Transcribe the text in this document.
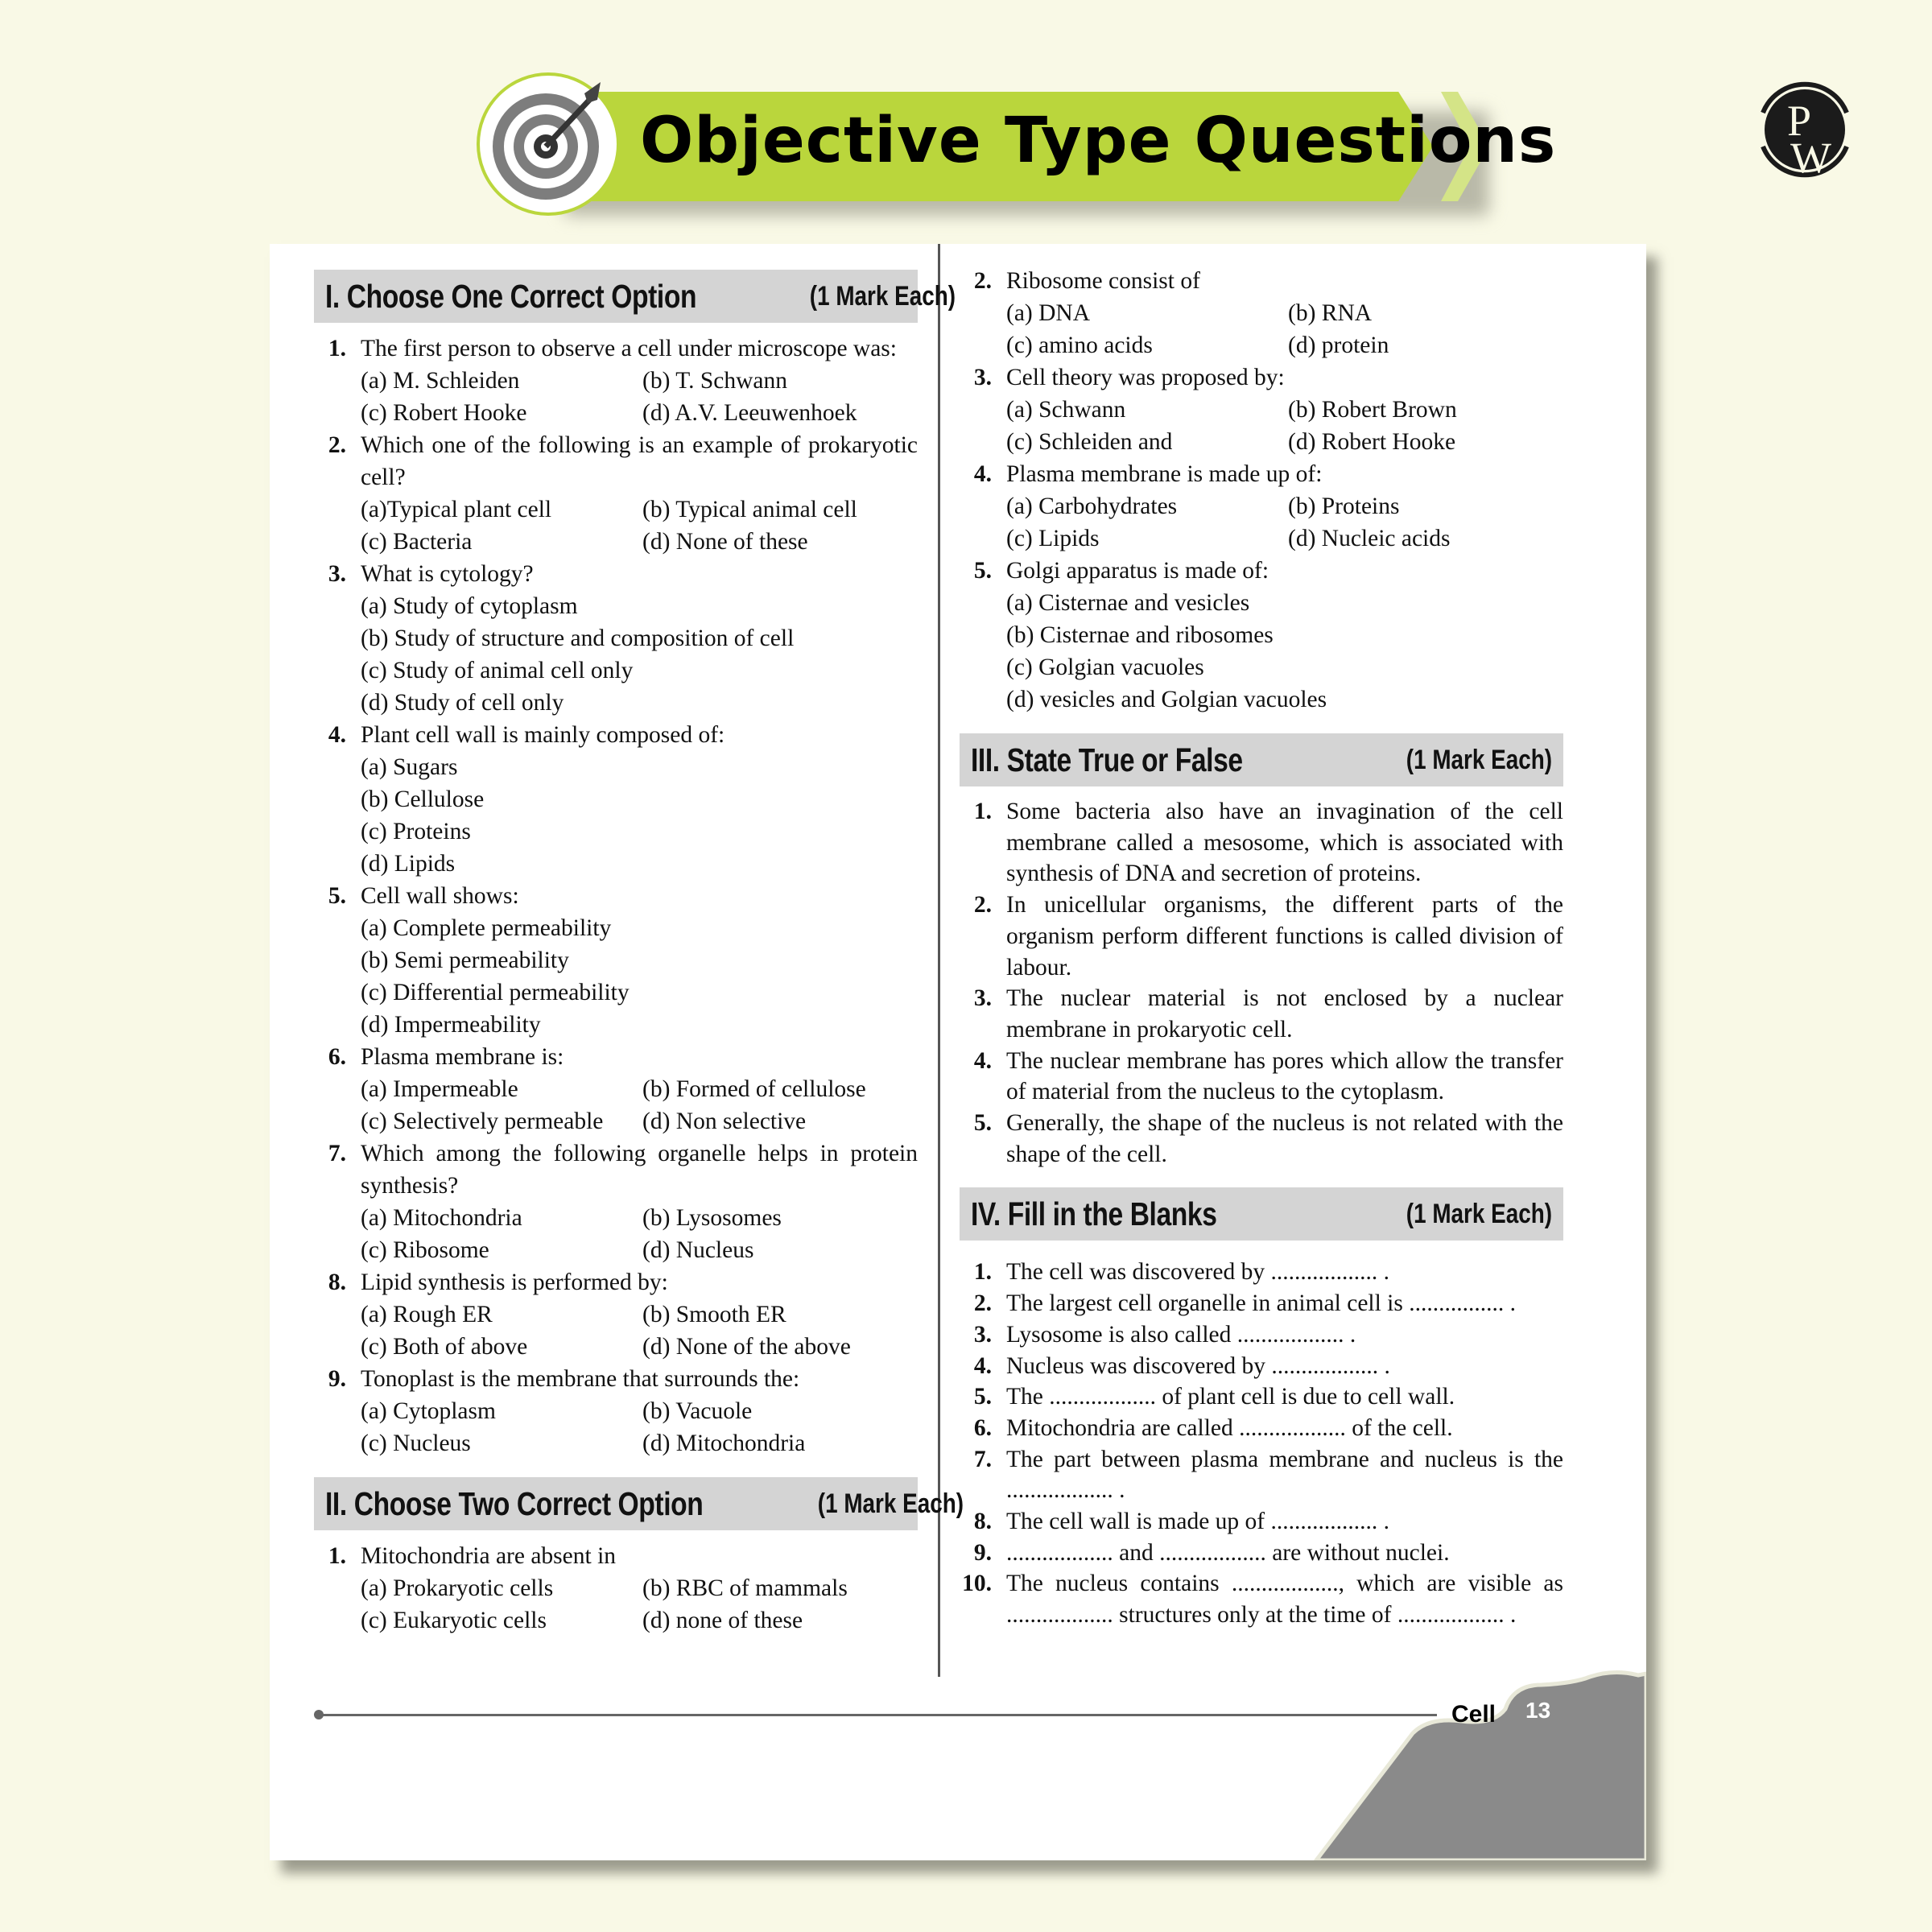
Objective Type Questions	P
W
I. Choose One Correct Option	(1 Mark Each)
1. The first person to observe a cell under microscope was:
(a) M. Schleiden	(b) T. Schwann
(c) Robert Hooke	(d) A.V. Leeuwenhoek
2. Which one of the following is an example of prokaryotic cell?
(a)Typical plant cell	(b) Typical animal cell
(c) Bacteria	(d) None of these
3. What is cytology?
(a) Study of cytoplasm
(b) Study of structure and composition of cell
(c) Study of animal cell only
(d) Study of cell only
4. Plant cell wall is mainly composed of:
(a) Sugars
(b) Cellulose
(c) Proteins
(d) Lipids
5. Cell wall shows:
(a) Complete permeability
(b) Semi permeability
(c) Differential permeability
(d) Impermeability
6. Plasma membrane is:
(a) Impermeable	(b) Formed of cellulose
(c) Selectively permeable	(d) Non selective
7. Which among the following organelle helps in protein synthesis?
(a) Mitochondria	(b) Lysosomes
(c) Ribosome	(d) Nucleus
8. Lipid synthesis is performed by:
(a) Rough ER	(b) Smooth ER
(c) Both of above	(d) None of the above
9. Tonoplast is the membrane that surrounds the:
(a) Cytoplasm	(b) Vacuole
(c) Nucleus	(d) Mitochondria
II. Choose Two Correct Option	(1 Mark Each)
1. Mitochondria are absent in
(a) Prokaryotic cells	(b) RBC of mammals
(c) Eukaryotic cells	(d) none of these
2. Ribosome consist of
(a) DNA	(b) RNA
(c) amino acids	(d) protein
3. Cell theory was proposed by:
(a) Schwann	(b) Robert Brown
(c) Schleiden and	(d) Robert Hooke
4. Plasma membrane is made up of:
(a) Carbohydrates	(b) Proteins
(c) Lipids	(d) Nucleic acids
5. Golgi apparatus is made of:
(a) Cisternae and vesicles
(b) Cisternae and ribosomes
(c) Golgian vacuoles
(d) vesicles and Golgian vacuoles
III. State True or False	(1 Mark Each)
1. Some bacteria also have an invagination of the cell membrane called a mesosome, which is associated with synthesis of DNA and secretion of proteins.
2. In unicellular organisms, the different parts of the organism perform different functions is called division of labour.
3. The nuclear material is not enclosed by a nuclear membrane in prokaryotic cell.
4. The nuclear membrane has pores which allow the transfer of material from the nucleus to the cytoplasm.
5. Generally, the shape of the nucleus is not related with the shape of the cell.
IV. Fill in the Blanks	(1 Mark Each)
1. The cell was discovered by .................. .
2. The largest cell organelle in animal cell is ................ .
3. Lysosome is also called .................. .
4. Nucleus was discovered by .................. .
5. The .................. of plant cell is due to cell wall.
6. Mitochondria are called .................. of the cell.
7. The part between plasma membrane and nucleus is the .................. .
8. The cell wall is made up of .................. .
9. .................. and .................. are without nuclei.
10. The nucleus contains .................., which are visible as .................. structures only at the time of .................. .
Cell 13
